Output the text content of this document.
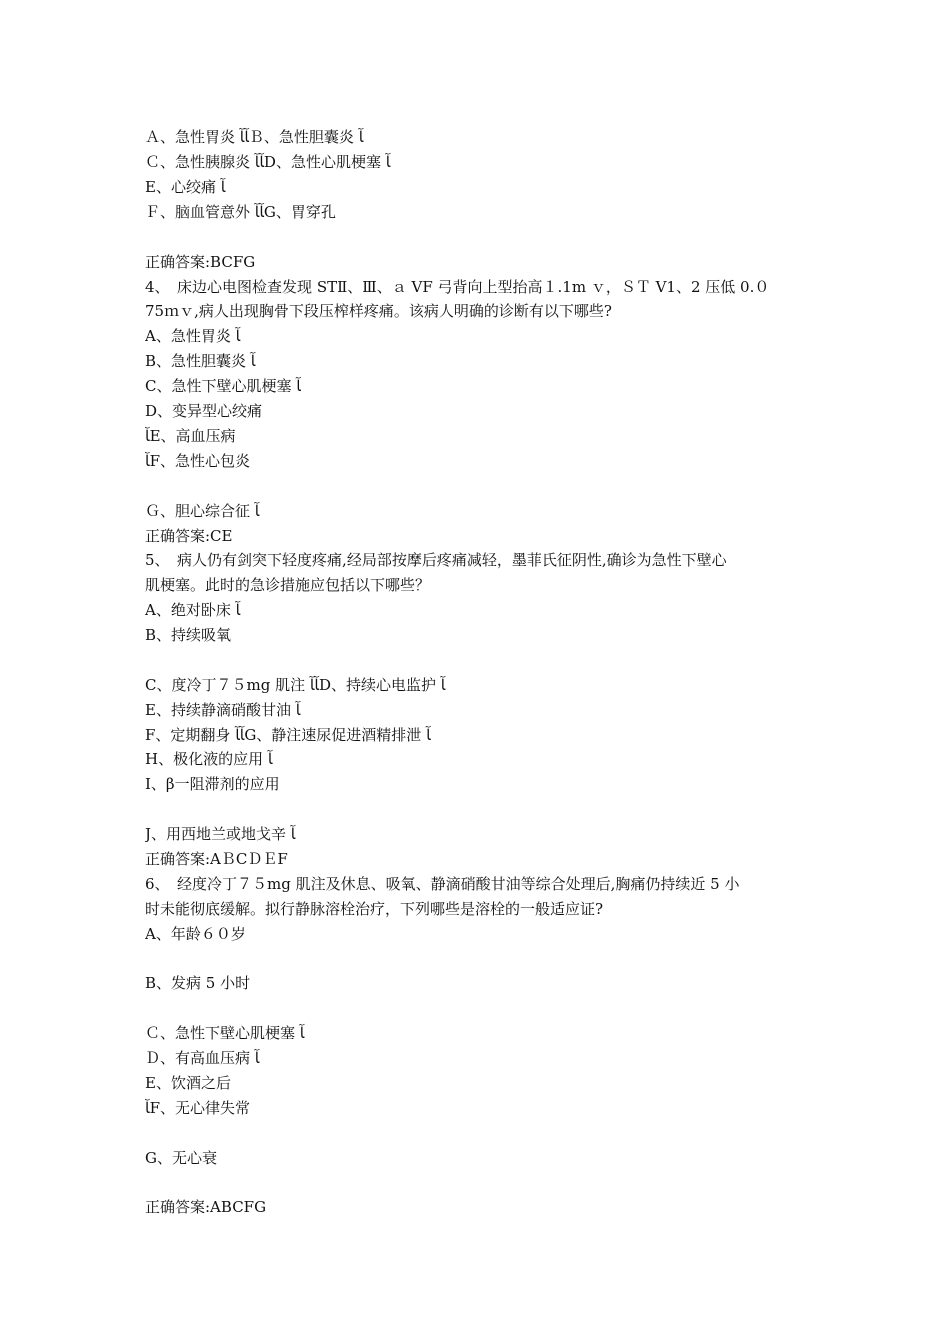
Ａ、急性胃炎 ﻿ﺂﺂＢ、急性胆囊炎 ﺂ
Ｃ、急性胰腺炎 ﺂﺂD、急性心肌梗塞 ﺂ
E、心绞痛 ﺂ
Ｆ、脑血管意外 ﺂﺂG、胃穿孔
正确答案:BCFG
4、　床边心电图检查发现 STⅡ、Ⅲ、ａ VF 弓背向上型抬高１.1m ｖ，ＳＴ V1、2 压低 0.０
75ｍｖ,病人出现胸骨下段压榨样疼痛。该病人明确的诊断有以下哪些?
A、急性胃炎 ﺂ
B、急性胆囊炎 ﺂ
C、急性下壁心肌梗塞 ﺂ
D、变异型心绞痛
ﺂE、高血压病
ﺂF、急性心包炎
Ｇ、胆心综合征 ﺂ
正确答案:CE
5、　病人仍有剑突下轻度疼痛,经局部按摩后疼痛减轻，墨菲氏征阴性,确诊为急性下壁心
肌梗塞。此时的急诊措施应包括以下哪些？
A、绝对卧床 ﺂ
B、持续吸氧
C、度冷丁７５mg 肌注 ﺂﺂD、持续心电监护 ﺂ
E、持续静滴硝酸甘油 ﺂ
F、定期翻身 ﺂﺂG、静注速尿促进酒精排泄 ﺂ
H、极化液的应用 ﺂ
I、β一阻滞剂的应用
J、用西地兰或地戈辛 ﺂ
正确答案:AＢCＤＥF
6、　经度冷丁７５mg 肌注及休息、吸氧、静滴硝酸甘油等综合处理后,胸痛仍持续近 5 小
时未能彻底缓解。拟行静脉溶栓治疗，下列哪些是溶栓的一般适应证?
A、年龄６０岁
B、发病 5 小时
Ｃ、急性下壁心肌梗塞 ﺂ
Ｄ、有高血压病 ﺂ
E、饮酒之后
ﺂF、无心律失常
G、无心衰
正确答案:ABCFG
